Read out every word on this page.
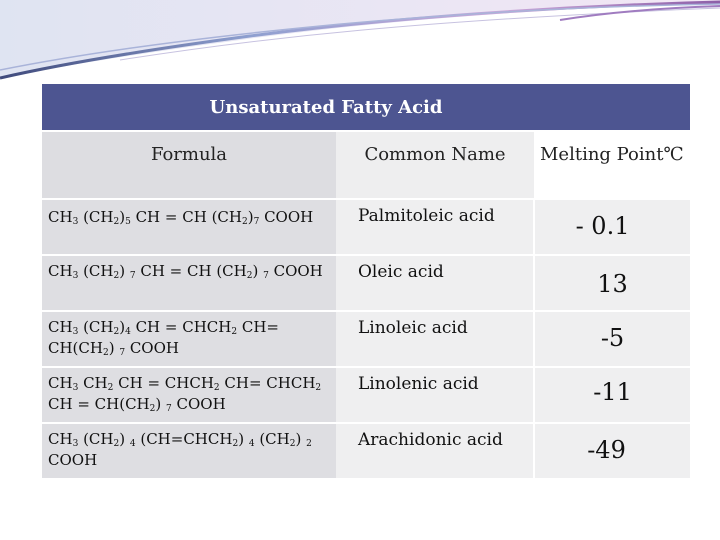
Unsaturated Fatty Acid		
Formula	Common Name	Melting Point℃
$CH_3$ $(CH_2)_5$ CH = CH $(CH_2)_7$ COOH	Palmitoleic acid	- 0.1

$CH_3$ $(CH_2)$ $_7$ CH = CH $(CH_2)$ $_7$ COOH	Oleic acid	13

$CH_3$ $(CH_2)_4$ CH = $CHCH_2$ $CH= CH(CH_2)$ $_7$ COOH	Linoleic acid	-5

$CH_3$ $CH_2$ CH = $CHCH_2$ $CH= CHCH_2$ CH = $CH(CH_2)$ $_7$ COOH	Linolenic acid	-11

$CH_3$ $(CH_2)$ $_4$ $(CH=CHCH_2)$ $_4$ $(CH_2)$ $_2$ COOH	Arachidonic acid	-49
